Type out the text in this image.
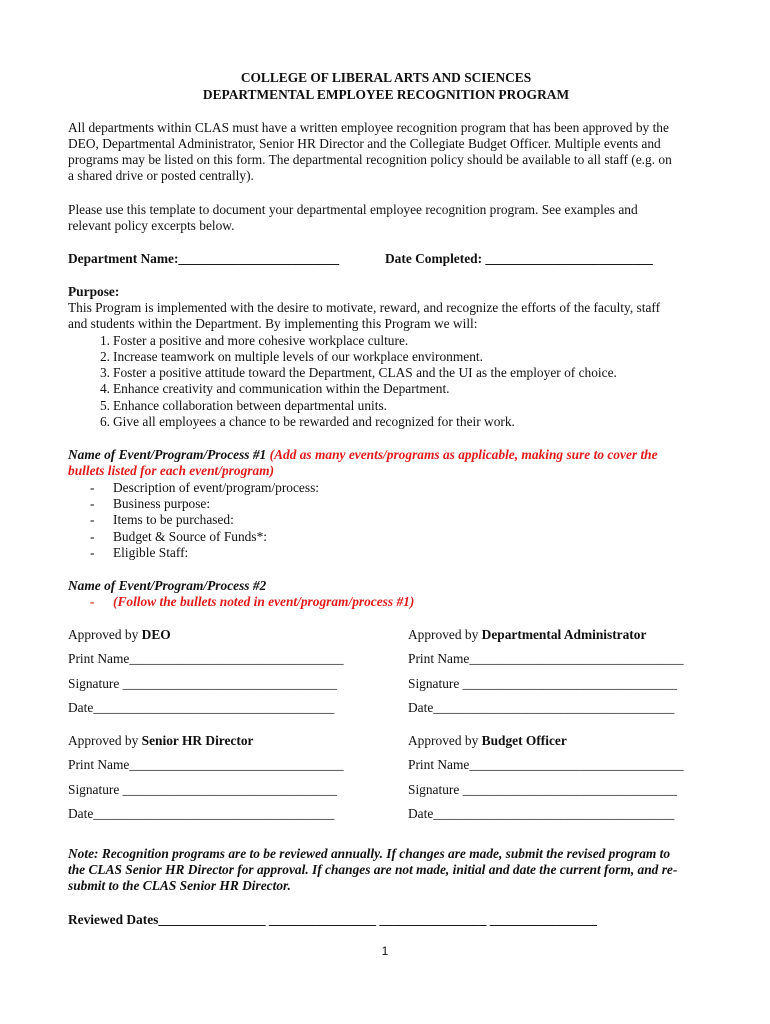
COLLEGE OF LIBERAL ARTS AND SCIENCES
DEPARTMENTAL EMPLOYEE RECOGNITION PROGRAM
All departments within CLAS must have a written employee recognition program that has been approved by the
DEO, Departmental Administrator, Senior HR Director and the Collegiate Budget Officer. Multiple events and
programs may be listed on this form. The departmental recognition policy should be available to all staff (e.g. on
a shared drive or posted centrally).
Please use this template to document your departmental employee recognition program. See examples and
relevant policy excerpts below.
Department Name:________________________	Date Completed: _________________________
Purpose:
This Program is implemented with the desire to motivate, reward, and recognize the efforts of the faculty, staff
and students within the Department. By implementing this Program we will:
1. Foster a positive and more cohesive workplace culture.
2. Increase teamwork on multiple levels of our workplace environment.
3. Foster a positive attitude toward the Department, CLAS and the UI as the employer of choice.
4. Enhance creativity and communication within the Department.
5. Enhance collaboration between departmental units.
6. Give all employees a chance to be rewarded and recognized for their work.
Name of Event/Program/Process #1 (Add as many events/programs as applicable, making sure to cover the
bullets listed for each event/program)
- Description of event/program/process:
- Business purpose:
- Items to be purchased:
- Budget & Source of Funds*:
- Eligible Staff:
Name of Event/Program/Process #2
- (Follow the bullets noted in event/program/process #1)
Approved by DEO	Approved by Departmental Administrator
Print Name________________________________	Print Name________________________________
Signature ________________________________	Signature ________________________________
Date____________________________________	Date____________________________________
Approved by Senior HR Director	Approved by Budget Officer
Print Name________________________________	Print Name________________________________
Signature ________________________________	Signature ________________________________
Date____________________________________	Date____________________________________
Note: Recognition programs are to be reviewed annually. If changes are made, submit the revised program to
the CLAS Senior HR Director for approval. If changes are not made, initial and date the current form, and re-
submit to the CLAS Senior HR Director.
Reviewed Dates________________ ________________ ________________ ________________
1
